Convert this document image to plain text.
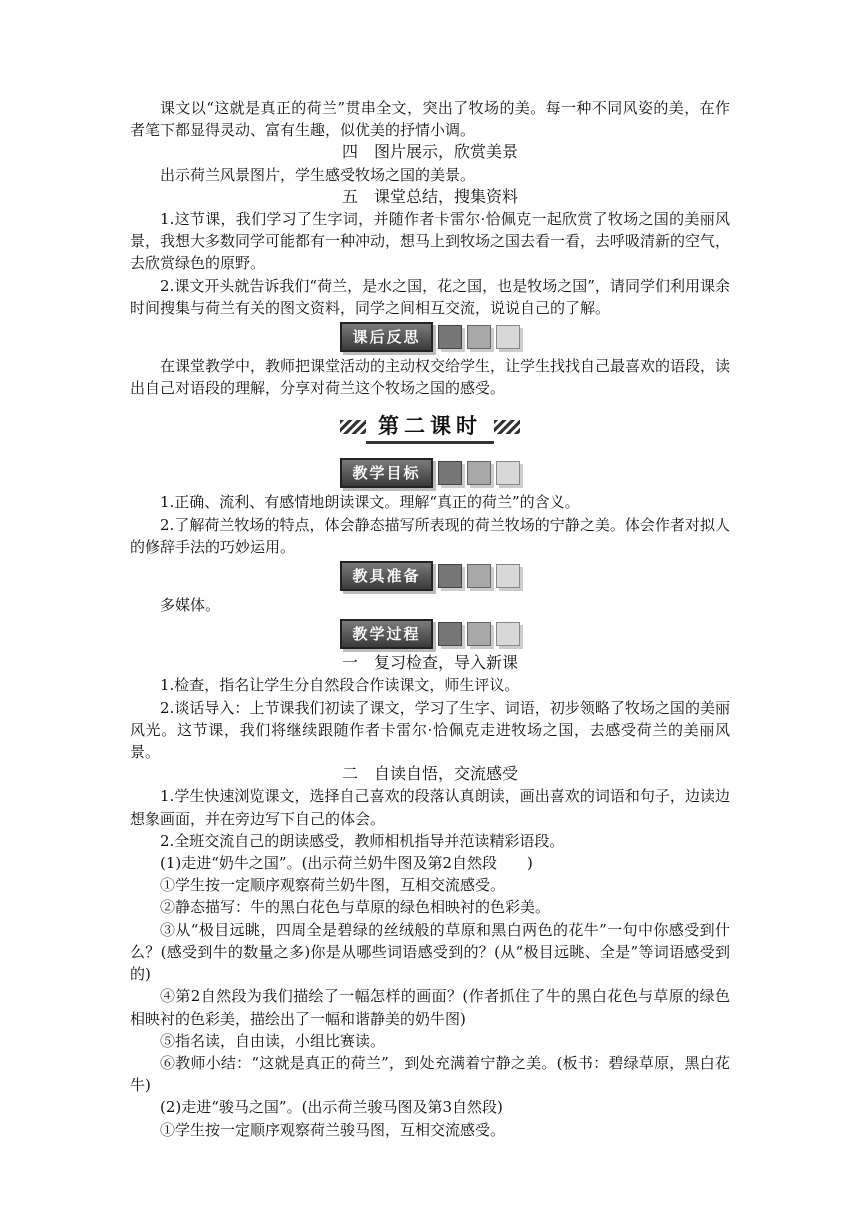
课文以“这就是真正的荷兰”贯串全文，突出了牧场的美。每一种不同风姿的美，在作者笔下都显得灵动、富有生趣，似优美的抒情小调。

四　图片展示，欣赏美景

出示荷兰风景图片，学生感受牧场之国的美景。

五　课堂总结，搜集资料

1.这节课，我们学习了生字词，并随作者卡雷尔·恰佩克一起欣赏了牧场之国的美丽风景，我想大多数同学可能都有一种冲动，想马上到牧场之国去看一看，去呼吸清新的空气，去欣赏绿色的原野。

2.课文开头就告诉我们“荷兰，是水之国，花之国，也是牧场之国”，请同学们利用课余时间搜集与荷兰有关的图文资料，同学之间相互交流，说说自己的了解。

课后反思

在课堂教学中，教师把课堂活动的主动权交给学生，让学生找找自己最喜欢的语段，读出自己对语段的理解，分享对荷兰这个牧场之国的感受。

第二课时
教学目标

1.正确、流利、有感情地朗读课文。理解“真正的荷兰”的含义。

2.了解荷兰牧场的特点，体会静态描写所表现的荷兰牧场的宁静之美。体会作者对拟人的修辞手法的巧妙运用。

教具准备

多媒体。

教学过程

一　复习检查，导入新课

1.检查，指名让学生分自然段合作读课文，师生评议。

2.谈话导入：上节课我们初读了课文，学习了生字、词语，初步领略了牧场之国的美丽风光。这节课，我们将继续跟随作者卡雷尔·恰佩克走进牧场之国，去感受荷兰的美丽风景。

二　自读自悟，交流感受

1.学生快速浏览课文，选择自己喜欢的段落认真朗读，画出喜欢的词语和句子，边读边想象画面，并在旁边写下自己的体会。

2.全班交流自己的朗读感受，教师相机指导并范读精彩语段。

(1)走进“奶牛之国”。(出示荷兰奶牛图及第2自然段　　)

①学生按一定顺序观察荷兰奶牛图，互相交流感受。

②静态描写：牛的黑白花色与草原的绿色相映衬的色彩美。

③从“极目远眺，四周全是碧绿的丝绒般的草原和黑白两色的花牛”一句中你感受到什么？(感受到牛的数量之多)你是从哪些词语感受到的？(从“极目远眺、全是”等词语感受到的)

④第2自然段为我们描绘了一幅怎样的画面？(作者抓住了牛的黑白花色与草原的绿色相映衬的色彩美，描绘出了一幅和谐静美的奶牛图)

⑤指名读，自由读，小组比赛读。

⑥教师小结：“这就是真正的荷兰”，到处充满着宁静之美。(板书：碧绿草原，黑白花牛)

(2)走进“骏马之国”。(出示荷兰骏马图及第3自然段)

①学生按一定顺序观察荷兰骏马图，互相交流感受。
